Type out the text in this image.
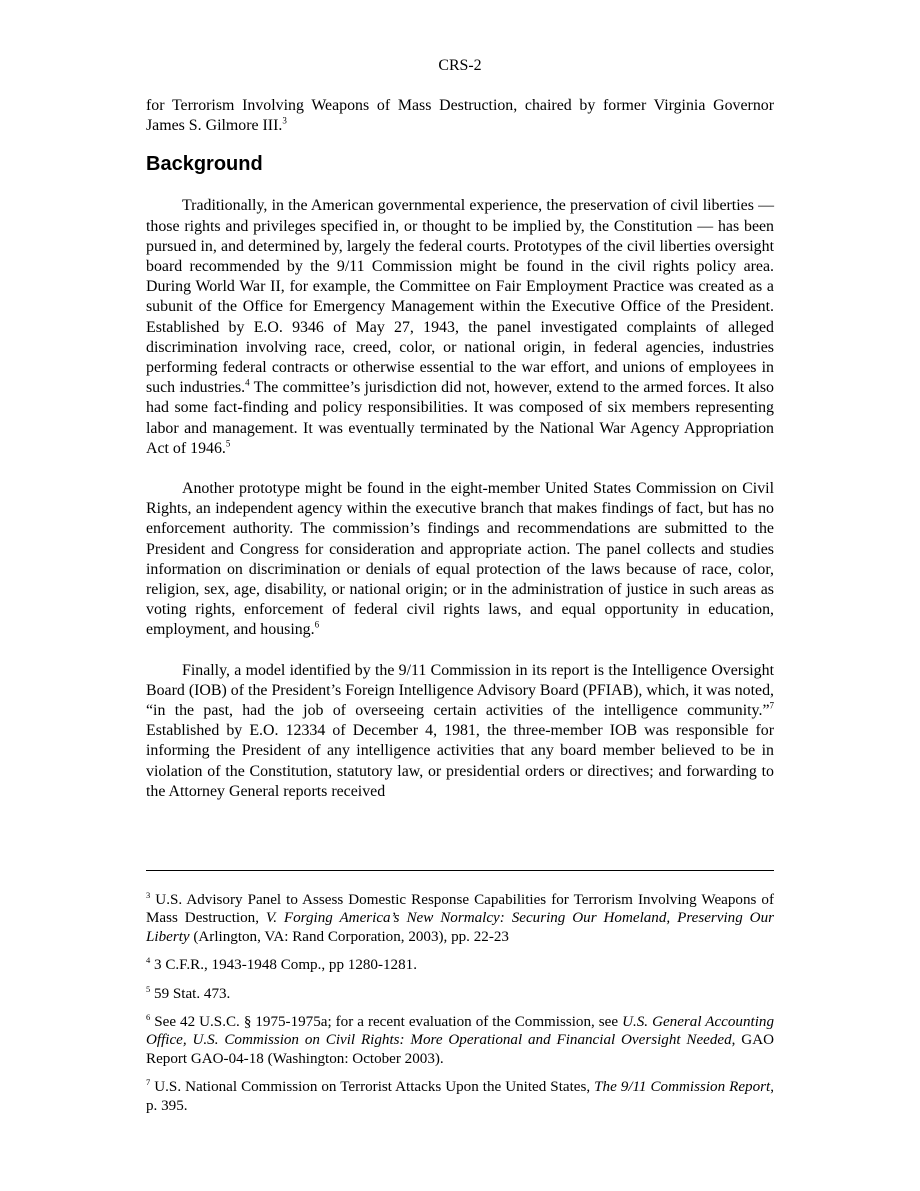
CRS-2

for Terrorism Involving Weapons of Mass Destruction, chaired by former Virginia Governor James S. Gilmore III.$^3$

Background

Traditionally, in the American governmental experience, the preservation of civil liberties — those rights and privileges specified in, or thought to be implied by, the Constitution — has been pursued in, and determined by, largely the federal courts. Prototypes of the civil liberties oversight board recommended by the 9/11 Commission might be found in the civil rights policy area. During World War II, for example, the Committee on Fair Employment Practice was created as a subunit of the Office for Emergency Management within the Executive Office of the President. Established by E.O. 9346 of May 27, 1943, the panel investigated complaints of alleged discrimination involving race, creed, color, or national origin, in federal agencies, industries performing federal contracts or otherwise essential to the war effort, and unions of employees in such industries.$^4$ The committee’s jurisdiction did not, however, extend to the armed forces. It also had some fact-finding and policy responsibilities. It was composed of six members representing labor and management. It was eventually terminated by the National War Agency Appropriation Act of 1946.$^5$

Another prototype might be found in the eight-member United States Commission on Civil Rights, an independent agency within the executive branch that makes findings of fact, but has no enforcement authority. The commission’s findings and recommendations are submitted to the President and Congress for consideration and appropriate action. The panel collects and studies information on discrimination or denials of equal protection of the laws because of race, color, religion, sex, age, disability, or national origin; or in the administration of justice in such areas as voting rights, enforcement of federal civil rights laws, and equal opportunity in education, employment, and housing.$^6$

Finally, a model identified by the 9/11 Commission in its report is the Intelligence Oversight Board (IOB) of the President’s Foreign Intelligence Advisory Board (PFIAB), which, it was noted, “in the past, had the job of overseeing certain activities of the intelligence community.”$^7$ Established by E.O. 12334 of December 4, 1981, the three-member IOB was responsible for informing the President of any intelligence activities that any board member believed to be in violation of the Constitution, statutory law, or presidential orders or directives; and forwarding to the Attorney General reports received

$^3$ U.S. Advisory Panel to Assess Domestic Response Capabilities for Terrorism Involving Weapons of Mass Destruction, V. Forging America’s New Normalcy: Securing Our Homeland, Preserving Our Liberty (Arlington, VA: Rand Corporation, 2003), pp. 22-23

$^4$ 3 C.F.R., 1943-1948 Comp., pp 1280-1281.

$^5$ 59 Stat. 473.

$^6$ See 42 U.S.C. § 1975-1975a; for a recent evaluation of the Commission, see U.S. General Accounting Office, U.S. Commission on Civil Rights: More Operational and Financial Oversight Needed, GAO Report GAO-04-18 (Washington: October 2003).

$^7$ U.S. National Commission on Terrorist Attacks Upon the United States, The 9/11 Commission Report, p. 395.
